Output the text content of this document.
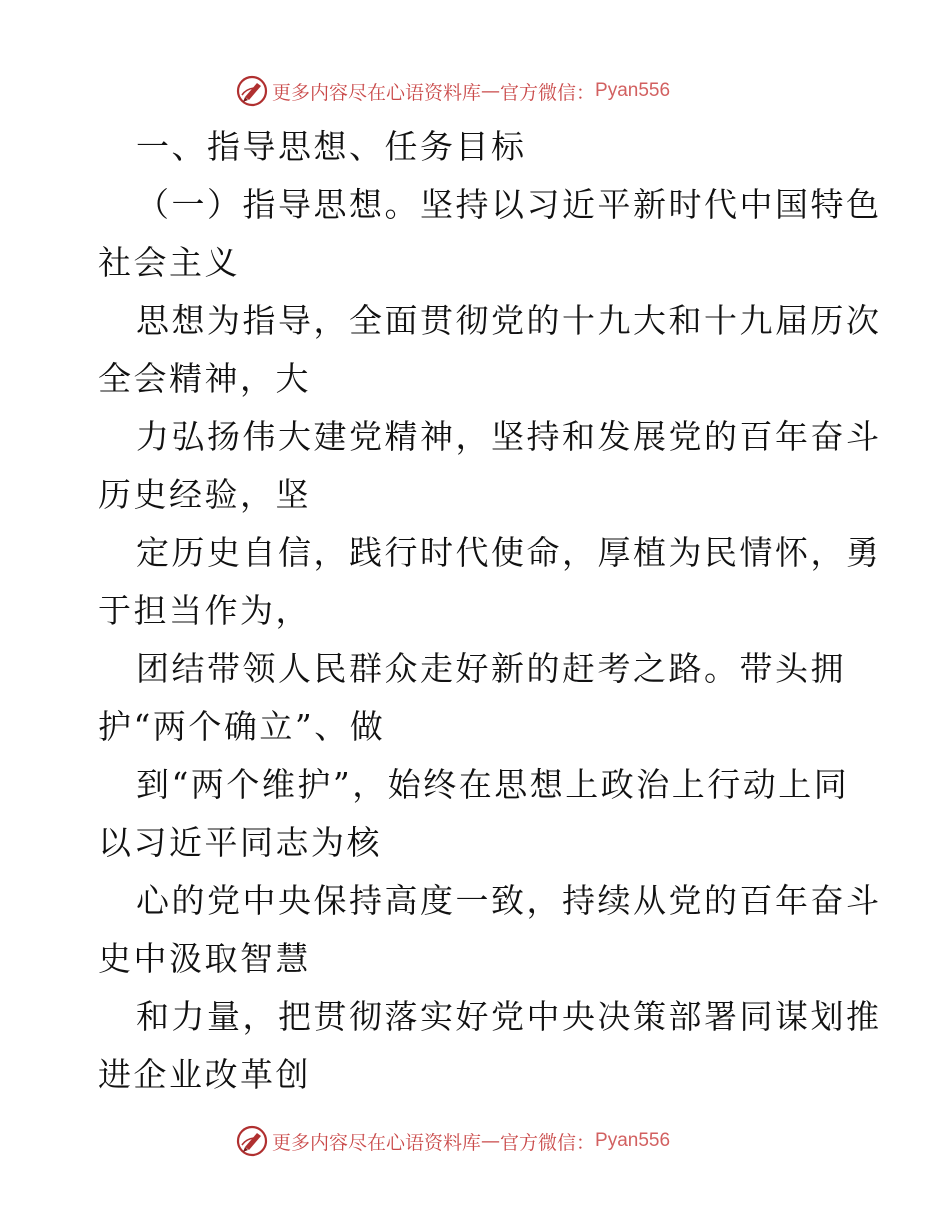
更多内容尽在心语资料库 — 官方微信： Pyan556
一、指导思想、任务目标
（一）指导思想。坚持以习近平新时代中国特色
社会主义
思想为指导，全面贯彻党的十九大和十九届历次
全会精神，大
力弘扬伟大建党精神，坚持和发展党的百年奋斗
历史经验，坚
定历史自信，践行时代使命，厚植为民情怀，勇
于担当作为，
团结带领人民群众走好新的赶考之路。带头拥
护“两个确立”、做
到“两个维护”，始终在思想上政治上行动上同
以习近平同志为核
心的党中央保持高度一致，持续从党的百年奋斗
史中汲取智慧
和力量，把贯彻落实好党中央决策部署同谋划推
进企业改革创
更多内容尽在心语资料库 — 官方微信： Pyan556
